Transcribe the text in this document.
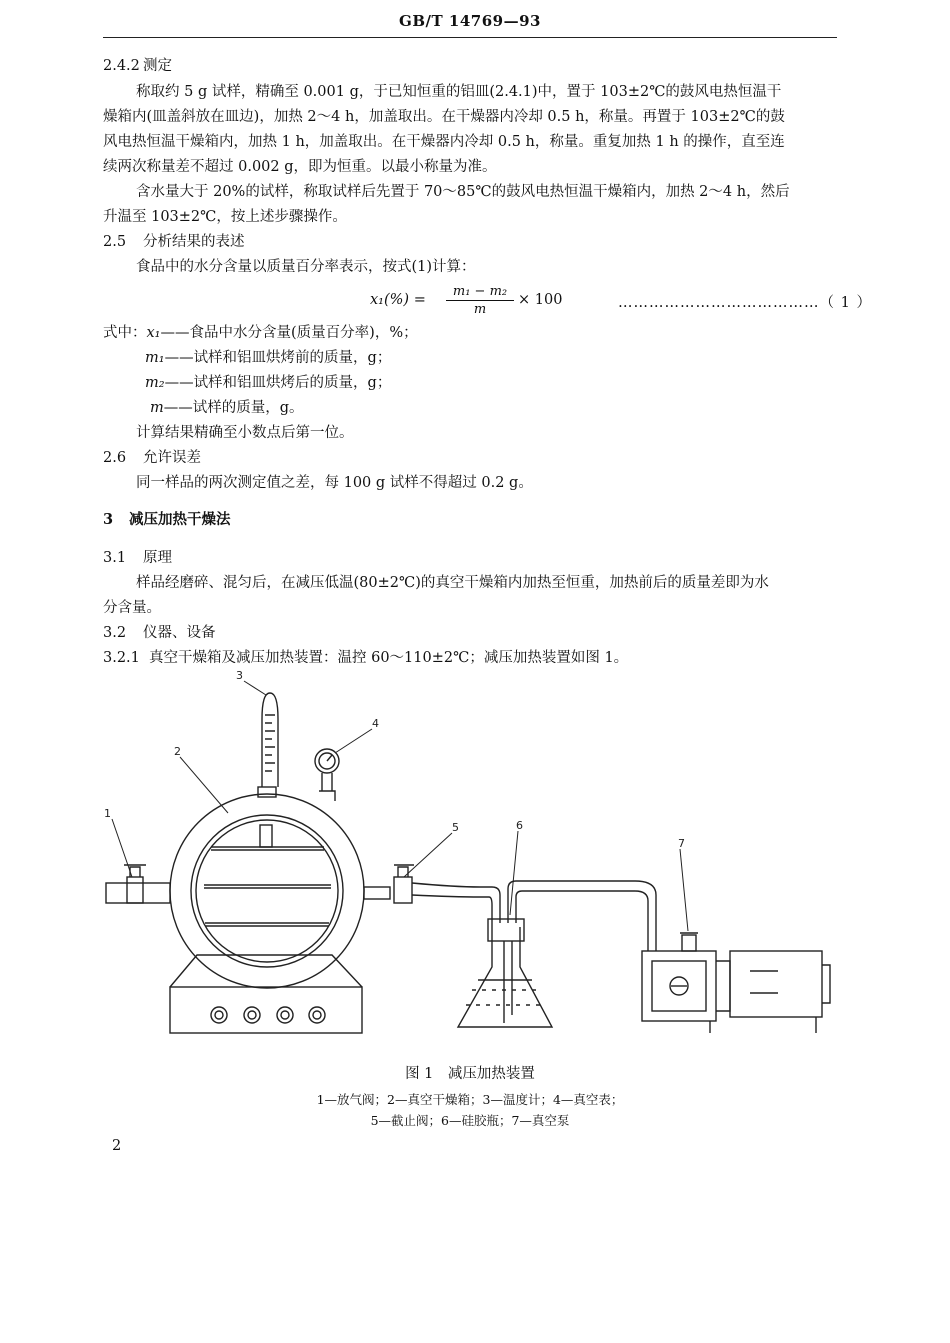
GB/T 14769—93
2.4.2 测定
称取约 5 g 试样，精确至 0.001 g，于已知恒重的铝皿(2.4.1)中，置于 103±2℃的鼓风电热恒温干
燥箱内(皿盖斜放在皿边)，加热 2～4 h，加盖取出。在干燥器内冷却 0.5 h，称量。再置于 103±2℃的鼓
风电热恒温干燥箱内，加热 1 h，加盖取出。在干燥器内冷却 0.5 h，称量。重复加热 1 h 的操作，直至连
续两次称量差不超过 0.002 g，即为恒重。以最小称量为准。
含水量大于 20%的试样，称取试样后先置于 70～85℃的鼓风电热恒温干燥箱内，加热 2～4 h，然后
升温至 103±2℃，按上述步骤操作。
2.5 分析结果的表述
食品中的水分含量以质量百分率表示，按式(1)计算：
$x_1(\%) = \frac{\text{m₁ − m₂}}{m} \times 100$	…………………………………（ 1 ）
式中：x₁——食品中水分含量(质量百分率)，%；
m₁——试样和铝皿烘烤前的质量，g；
m₂——试样和铝皿烘烤后的质量，g；
m——试样的质量，g。
计算结果精确至小数点后第一位。
2.6 允许误差
同一样品的两次测定值之差，每 100 g 试样不得超过 0.2 g。
3 减压加热干燥法
3.1 原理
样品经磨碎、混匀后，在减压低温(80±2℃)的真空干燥箱内加热至恒重，加热前后的质量差即为水
分含量。
3.2 仪器、设备
3.2.1 真空干燥箱及减压加热装置：温控 60～110±2℃；减压加热装置如图 1。
1
2
3
4
5	6
7
图 1　减压加热装置
1—放气阀；2—真空干燥箱；3—温度计；4—真空表；
5—截止阀；6—硅胶瓶；7—真空泵
2
